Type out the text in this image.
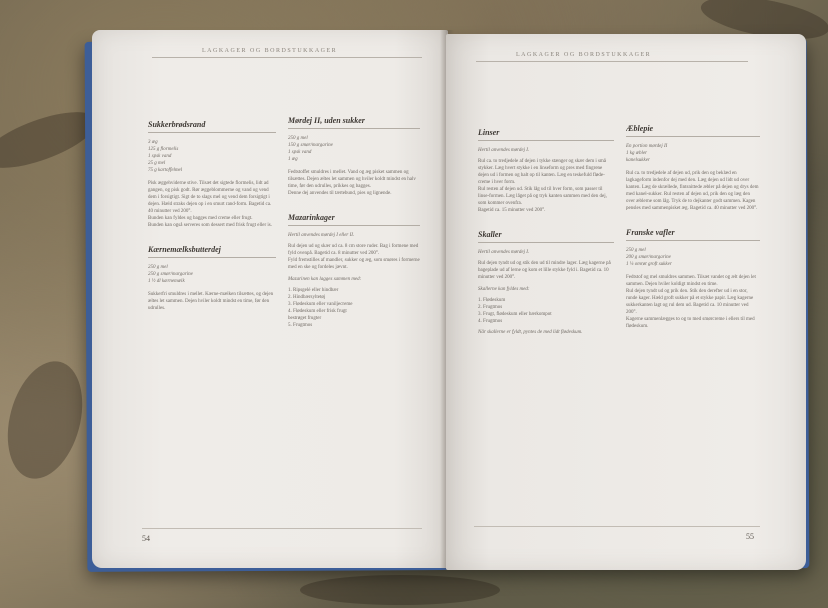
LAGKAGER OG BORDSTUKKAGER
Sukkerbrødsrand
3 æg
125 g flormelis
1 spsk vand
25 g mel
75 g kartoffelmel
Pisk æggehviderne stive. Tilsæt det sigtede flormelis, lidt ad gangen, og pisk godt. Rør æggeblommerne og vand og vend dem i forsigtigt. Sigt de to slags mel og vend dem forsigtigt i dejen. Hæld straks dejen op i en smurt rand-form. Bagetid ca. 40 minutter ved 200°.
Bunden kan fyldes og bagges med creme eller frugt.
Bunden kan også serveres som dessert med frisk frugt eller is.
Kærnemælksbutterdej
250 g mel
250 g smør/margarine
1 ½ dl kærnemælk
Sukkerfri smuldres i mellet. Kærne-mælken tilsættes, og dejen æltes let sammen. Dejen hviler koldt mindst en time, før den udrulles.
Mørdej II, uden sukker
250 g mel
150 g smør/margarine
1 spsk vand
1 æg
Fedtstoffet smuldres i mellet. Vand og æg pisket sammen og tilsættes. Dejen æltes let sammen og hviler koldt mindst en halv time, før den udrulles, prikkes og bagges.
Denne dej anvendes til tærtebund, pies og lignende.
Mazarinkager
Hertil anvendes mørdej I eller II.
Rul dejen ud og skær ud ca. 8 cm store ruder. Bag i formene med fyld ovenpå. Bagetid ca. 8 minutter ved 200°.
Fyld fremstilles af mandler, sukker og æg, som smøres i formerne med en ske og fordeles jævnt.
Mazarinen kan lagges sammen med:
1. Ripsgelé eller hindbær
2. Hindbærsyltetøj
3. Flødeskum eller vaniljecreme
4. Flødeskum eller frisk frugt
bestrøget frugter
5. Frugtmos
54
LAGKAGER OG BORDSTUKKAGER
Linser
Hertil anvendes mørdej I.
Rul ca. to tredjedele af dejen i tykke stænger og skær dem i små stykker. Læg hvert stykke i en linseform og pres med fingrene dejen ud i formen og halt op til kanten. Læg en teskefuld fløde-creme i hver form.
Rul resten af dejen ud. Stik låg ud til hver form, som passer til linse-formen. Læg låget på og tryk kanten sammen med den dej, som kommer ovenfra.
Bagetid ca. 15 minutter ved 200°.
Skaller
Hertil anvendes mørdej I.
Rul dejen tyndt ud og stik den ud til mindre lager. Læg kagerne på bageplade ud af lerne og kom et lille stykke fyld i. Bagetid ca. 10 minutter ved 200°.
Skallerne kan fyldes med:
1. Flødeskum
2. Frugtmos
3. Frugt, flødeskum eller bærkompot
4. Frugtmos
Når skallerne er fyldt, pyntes de med lidt flødeskum.
Æblepie
En portion mørdej II
1 kg æbler
kanelsukker
Rul ca. to tredjedele af dejen ud, prik den og beklæd en lagkageform indenfor dej med den. Læg dejen ud lidt ud over kanten. Læg de skrællede, fintsnittede æbler på dejen og drys dem med kanel-sukker. Rul resten af dejen ud, prik den og læg den over æblerne som låg. Tryk de to dejkanter godt sammen. Kagen pensles med sammenpisket æg. Bagetid ca. 40 minutter ved 200°.
Franske vafler
250 g mel
200 g smør/margarine
1 ¼ omrøt groft sukker
Fedtstof og mel smuldres sammen. Tilsæt vandet og ælt dejen let sammen. Dejen hviler koldigt mindst en time.
Rul dejen tyndt ud og prik den. Stik den derefter ud i en stor, runde kager. Hæld groft sukker på et stykke papir. Læg kagerne sukkerkanten lagt og rul dem ud. Bagetid ca. 10 minutter ved 200°.
Kagerne sammenlægges to og to med smørcreme i ellers til med flødeskum.
55
